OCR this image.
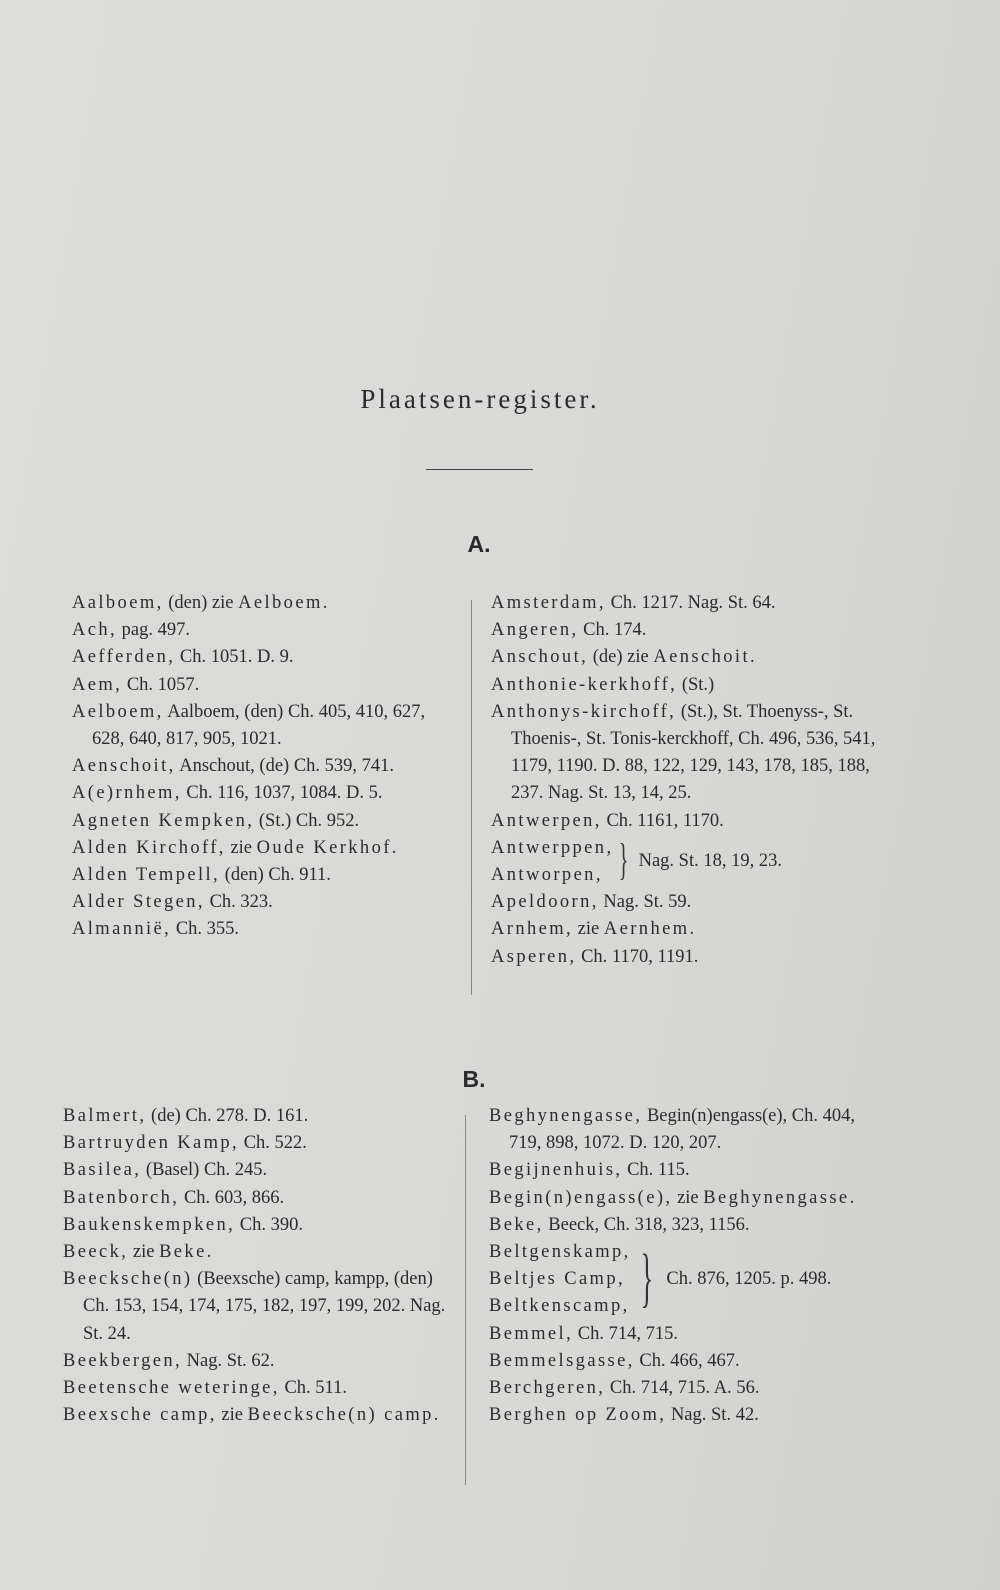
Plaatsen-register.
A.
Aalboem, (den) zie Aelboem.
Ach, pag. 497.
Aefferden, Ch. 1051. D. 9.
Aem, Ch. 1057.
Aelboem, Aalboem, (den) Ch. 405, 410, 627, 628, 640, 817, 905, 1021.
Aenschoit, Anschout, (de) Ch. 539, 741.
A(e)rnhem, Ch. 116, 1037, 1084. D. 5.
Agneten Kempken, (St.) Ch. 952.
Alden Kirchoff, zie Oude Kerkhof.
Alden Tempell, (den) Ch. 911.
Alder Stegen, Ch. 323.
Almanniё, Ch. 355.
Amsterdam, Ch. 1217. Nag. St. 64.
Angeren, Ch. 174.
Anschout, (de) zie Aenschoit.
Anthonie-kerkhoff, (St.)
Anthonys-kirchoff, (St.), St. Thoenyss-, St. Thoenis-, St. Tonis-kerckhoff, Ch. 496, 536, 541, 1179, 1190. D. 88, 122, 129, 143, 178, 185, 188, 237. Nag. St. 13, 14, 25.
Antwerpen, Ch. 1161, 1170.
Antwerppen,
Antworpen, } Nag. St. 18, 19, 23.
Apeldoorn, Nag. St. 59.
Arnhem, zie Aernhem.
Asperen, Ch. 1170, 1191.
B.
Balmert, (de) Ch. 278. D. 161.
Bartruyden Kamp, Ch. 522.
Basilea, (Basel) Ch. 245.
Batenborch, Ch. 603, 866.
Baukenskempken, Ch. 390.
Beeck, zie Beke.
Beecksche(n) (Beexsche) camp, kampp, (den) Ch. 153, 154, 174, 175, 182, 197, 199, 202. Nag. St. 24.
Beekbergen, Nag. St. 62.
Beetensche weteringe, Ch. 511.
Beexsche camp, zie Beecksche(n) camp.
Beghynengasse, Begin(n)engass(e), Ch. 404, 719, 898, 1072. D. 120, 207.
Begijnenhuis, Ch. 115.
Begin(n)engass(e), zie Beghynengasse.
Beke, Beeck, Ch. 318, 323, 1156.
Beltgenskamp,
Beltjes Camp,
Beltkenscamp, } Ch. 876, 1205. p. 498.
Bemmel, Ch. 714, 715.
Bemmelsgasse, Ch. 466, 467.
Berchgeren, Ch. 714, 715. A. 56.
Berghen op Zoom, Nag. St. 42.
